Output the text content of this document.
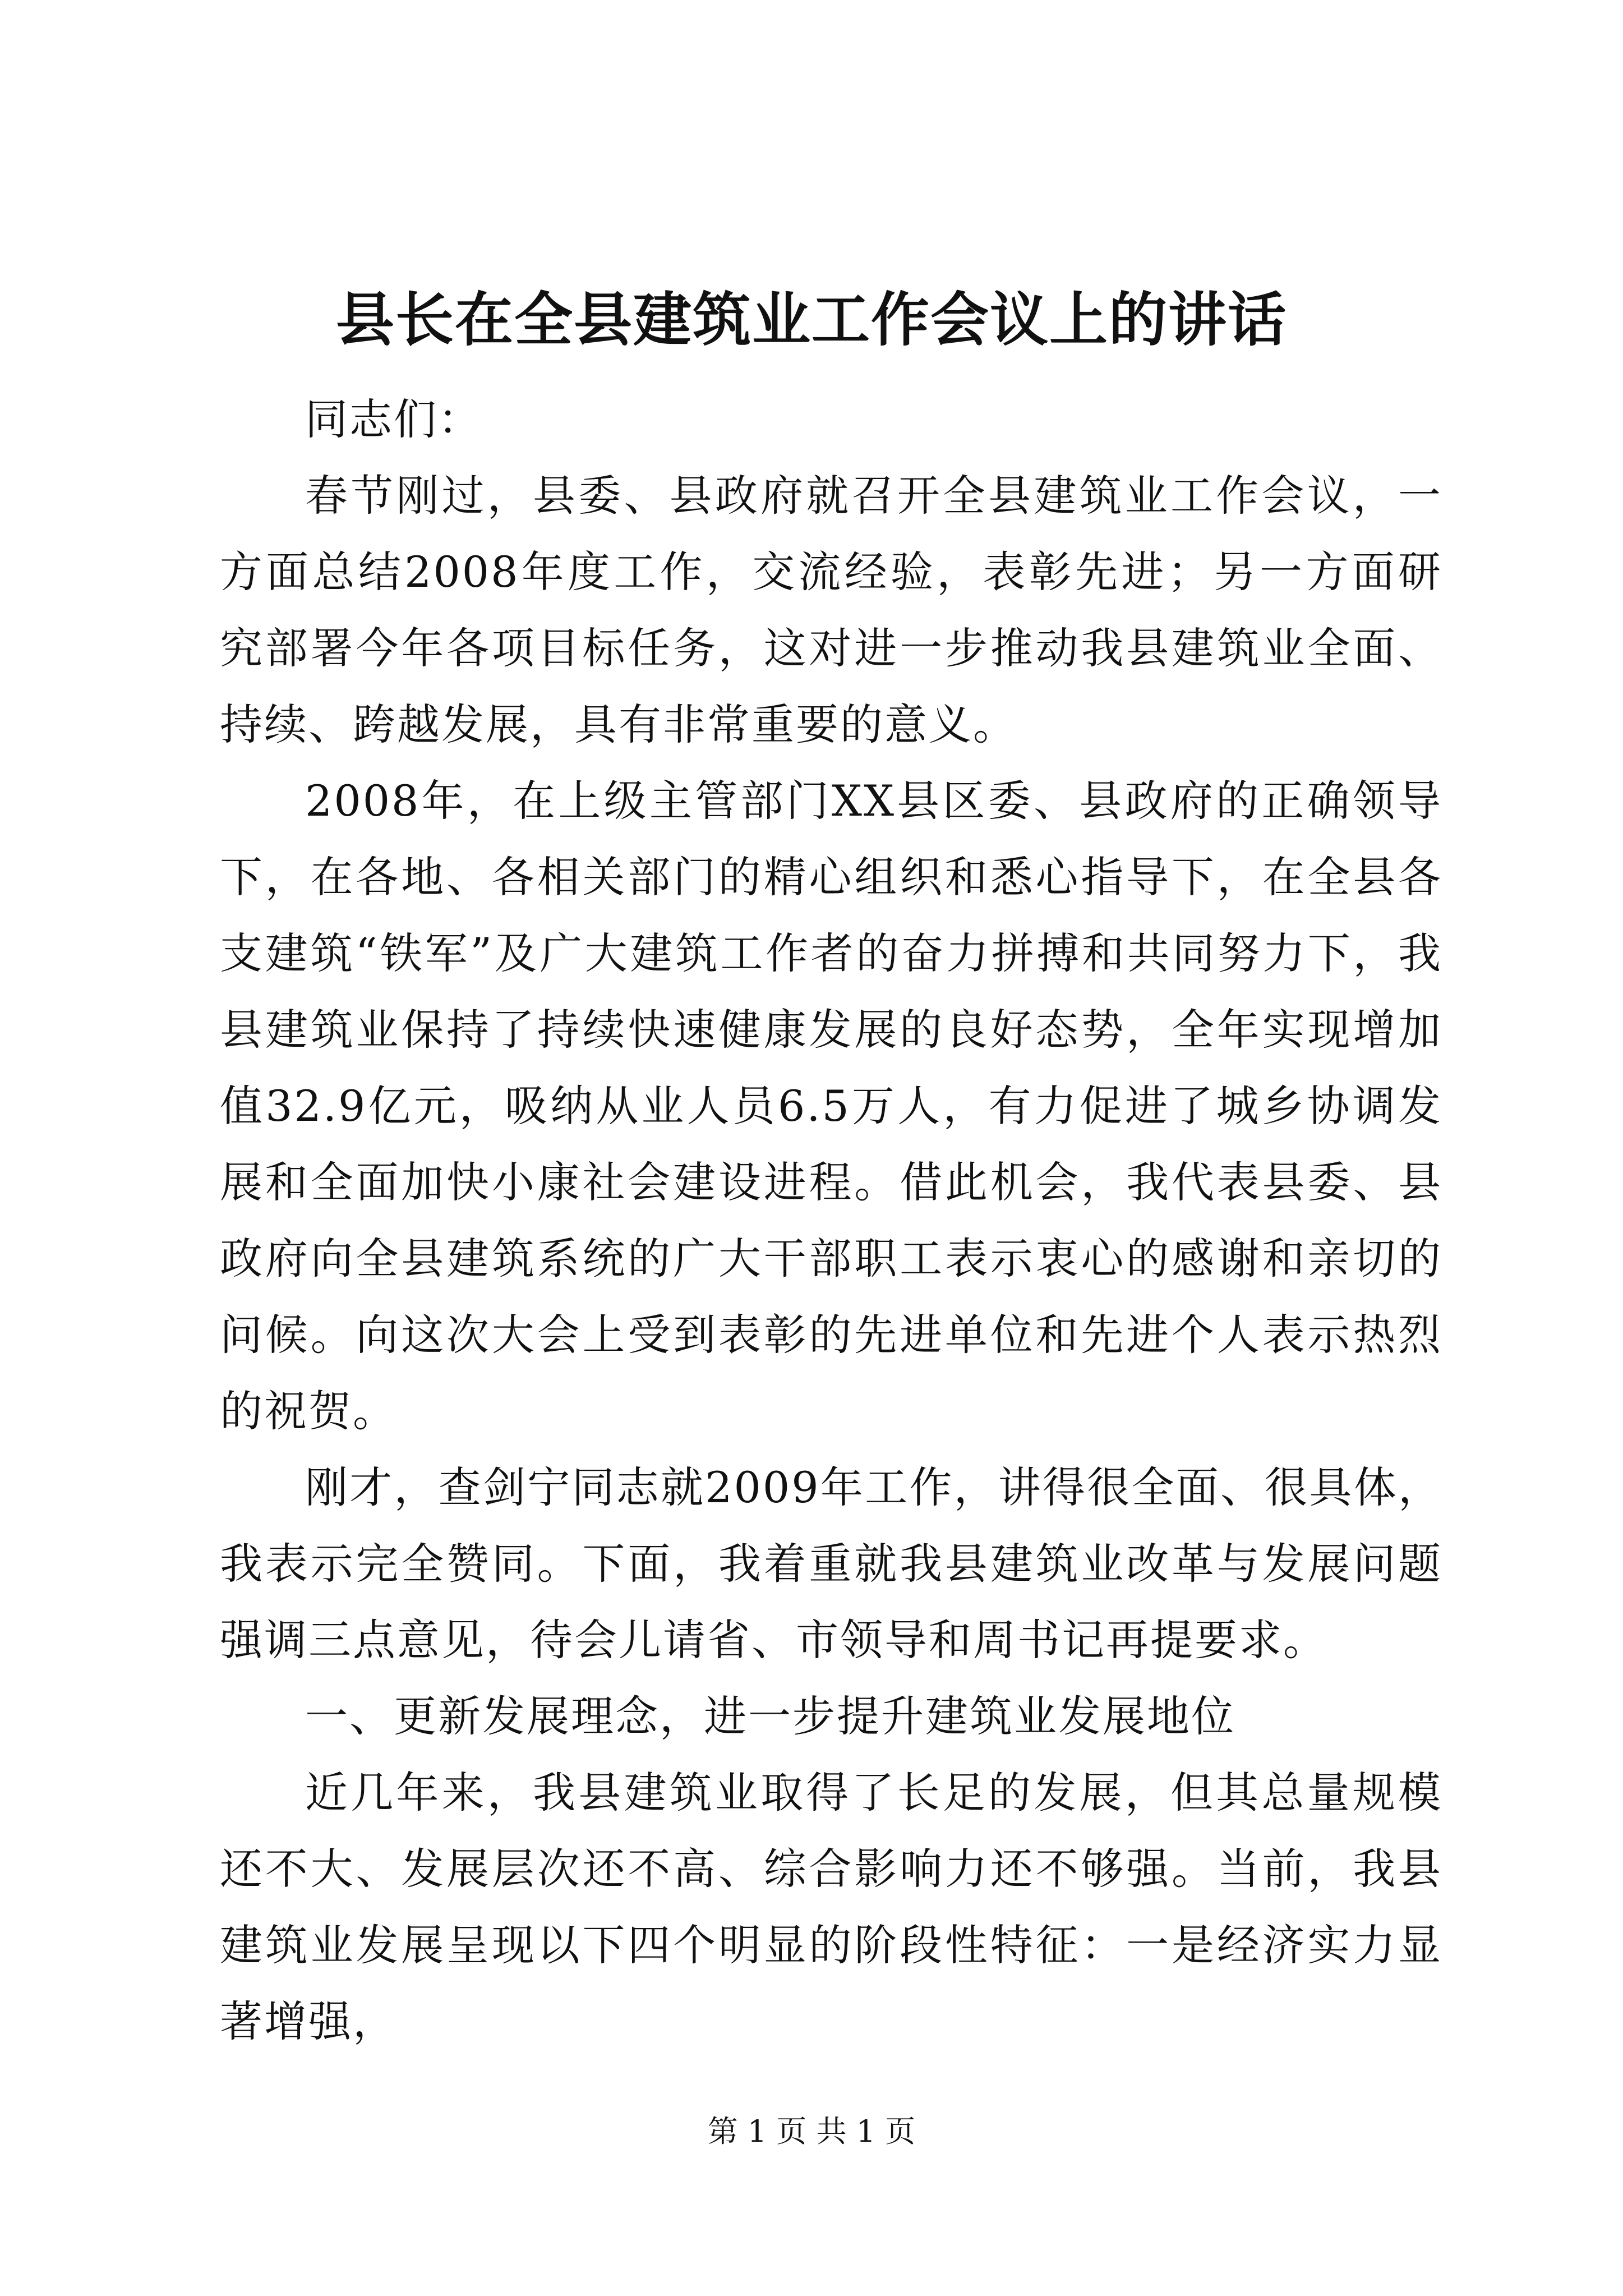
县长在全县建筑业工作会议上的讲话

同志们：

春节刚过，县委、县政府就召开全县建筑业工作会议，一方面总结2008年度工作，交流经验，表彰先进；另一方面研究部署今年各项目标任务，这对进一步推动我县建筑业全面、持续、跨越发展，具有非常重要的意义。

2008年，在上级主管部门XX县区委、县政府的正确领导下，在各地、各相关部门的精心组织和悉心指导下，在全县各支建筑“铁军”及广大建筑工作者的奋力拼搏和共同努力下，我县建筑业保持了持续快速健康发展的良好态势，全年实现增加值32.9亿元，吸纳从业人员6.5万人，有力促进了城乡协调发展和全面加快小康社会建设进程。借此机会，我代表县委、县政府向全县建筑系统的广大干部职工表示衷心的感谢和亲切的问候。向这次大会上受到表彰的先进单位和先进个人表示热烈的祝贺。

刚才，查剑宁同志就2009年工作，讲得很全面、很具体，我表示完全赞同。下面，我着重就我县建筑业改革与发展问题强调三点意见，待会儿请省、市领导和周书记再提要求。

一、更新发展理念，进一步提升建筑业发展地位

近几年来，我县建筑业取得了长足的发展，但其总量规模还不大、发展层次还不高、综合影响力还不够强。当前，我县建筑业发展呈现以下四个明显的阶段性特征：一是经济实力显著增强，

第 1 页 共 1 页
